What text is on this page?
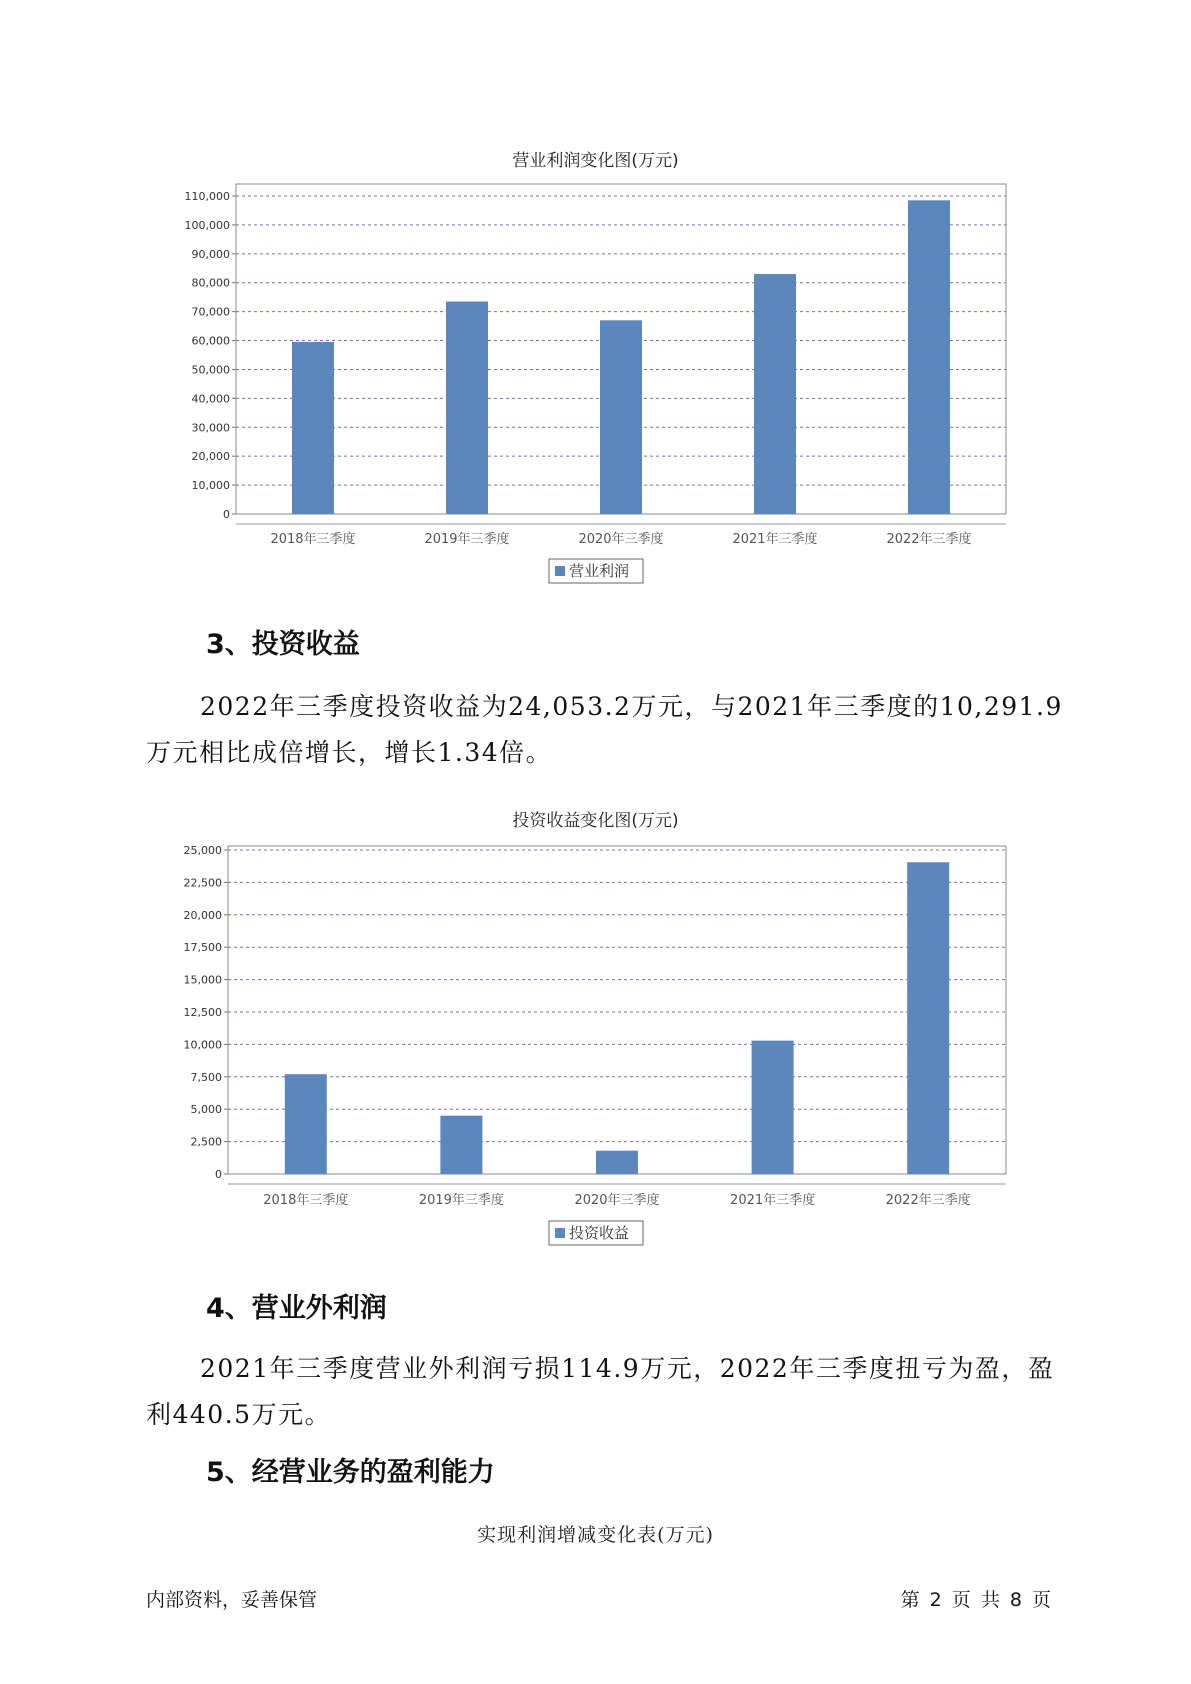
营业利润变化图(万元)
0
10,000
20,000
30,000
40,000
50,000
60,000
70,000
80,000
90,000
100,000
110,000
2018年三季度	2019年三季度	2020年三季度	2021年三季度	2022年三季度
营业利润
3、投资收益
2022年三季度投资收益为24,053.2万元，与2021年三季度的10,291.9
万元相比成倍增长，增长1.34倍。
投资收益变化图(万元)
0
2,500
5,000
7,500
10,000
12,500
15,000
17,500
20,000
22,500
25,000
2018年三季度	2019年三季度	2020年三季度	2021年三季度	2022年三季度
投资收益
4、营业外利润
2021年三季度营业外利润亏损114.9万元，2022年三季度扭亏为盈，盈
利440.5万元。
5、经营业务的盈利能力
实现利润增减变化表(万元)
内部资料，妥善保管	第 2 页 共 8 页
